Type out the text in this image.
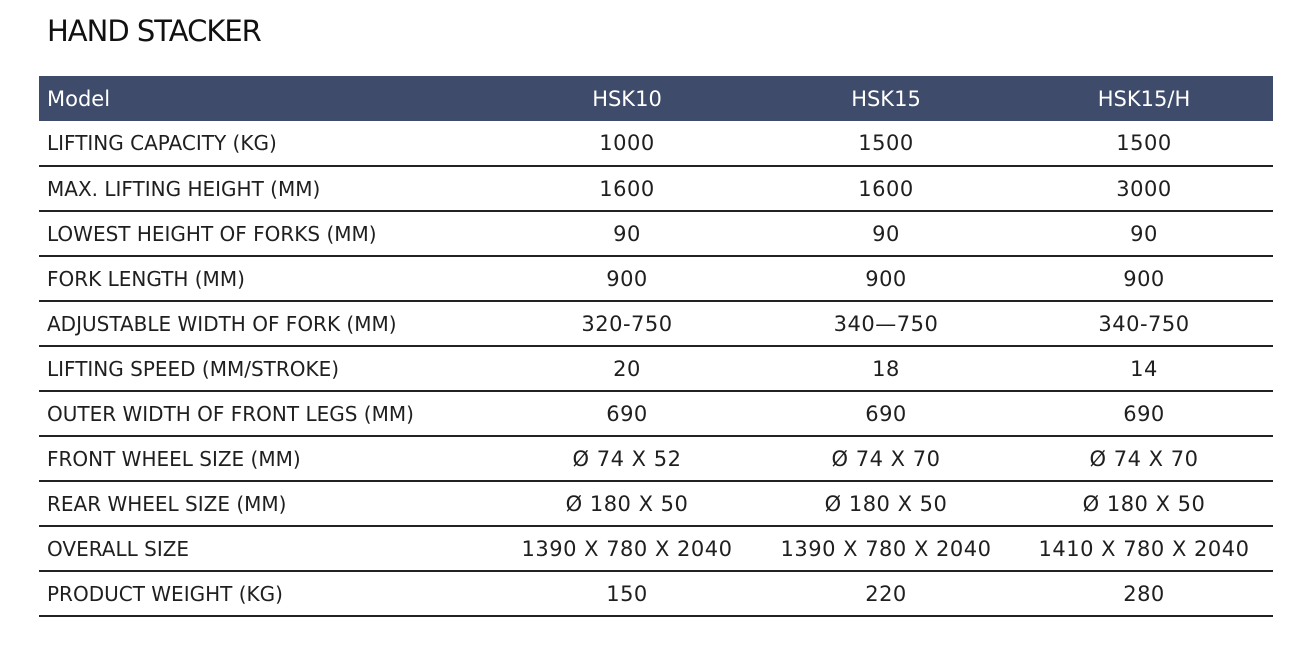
HAND STACKER
Model	HSK10	HSK15	HSK15/H
LIFTING CAPACITY (KG)	1000	1500	1500
MAX. LIFTING HEIGHT (MM)	1600	1600	3000
LOWEST HEIGHT OF FORKS (MM)	90	90	90
FORK LENGTH (MM)	900	900	900
ADJUSTABLE WIDTH OF FORK (MM)	320-750	340—750	340-750
LIFTING SPEED (MM/STROKE)	20	18	14
OUTER WIDTH OF FRONT LEGS (MM)	690	690	690
FRONT WHEEL SIZE (MM)	Ø 74 X 52	Ø 74 X 70	Ø 74 X 70
REAR WHEEL SIZE (MM)	Ø 180 X 50	Ø 180 X 50	Ø 180 X 50
OVERALL SIZE	1390 X 780 X 2040	1390 X 780 X 2040	1410 X 780 X 2040
PRODUCT WEIGHT (KG)	150	220	280
